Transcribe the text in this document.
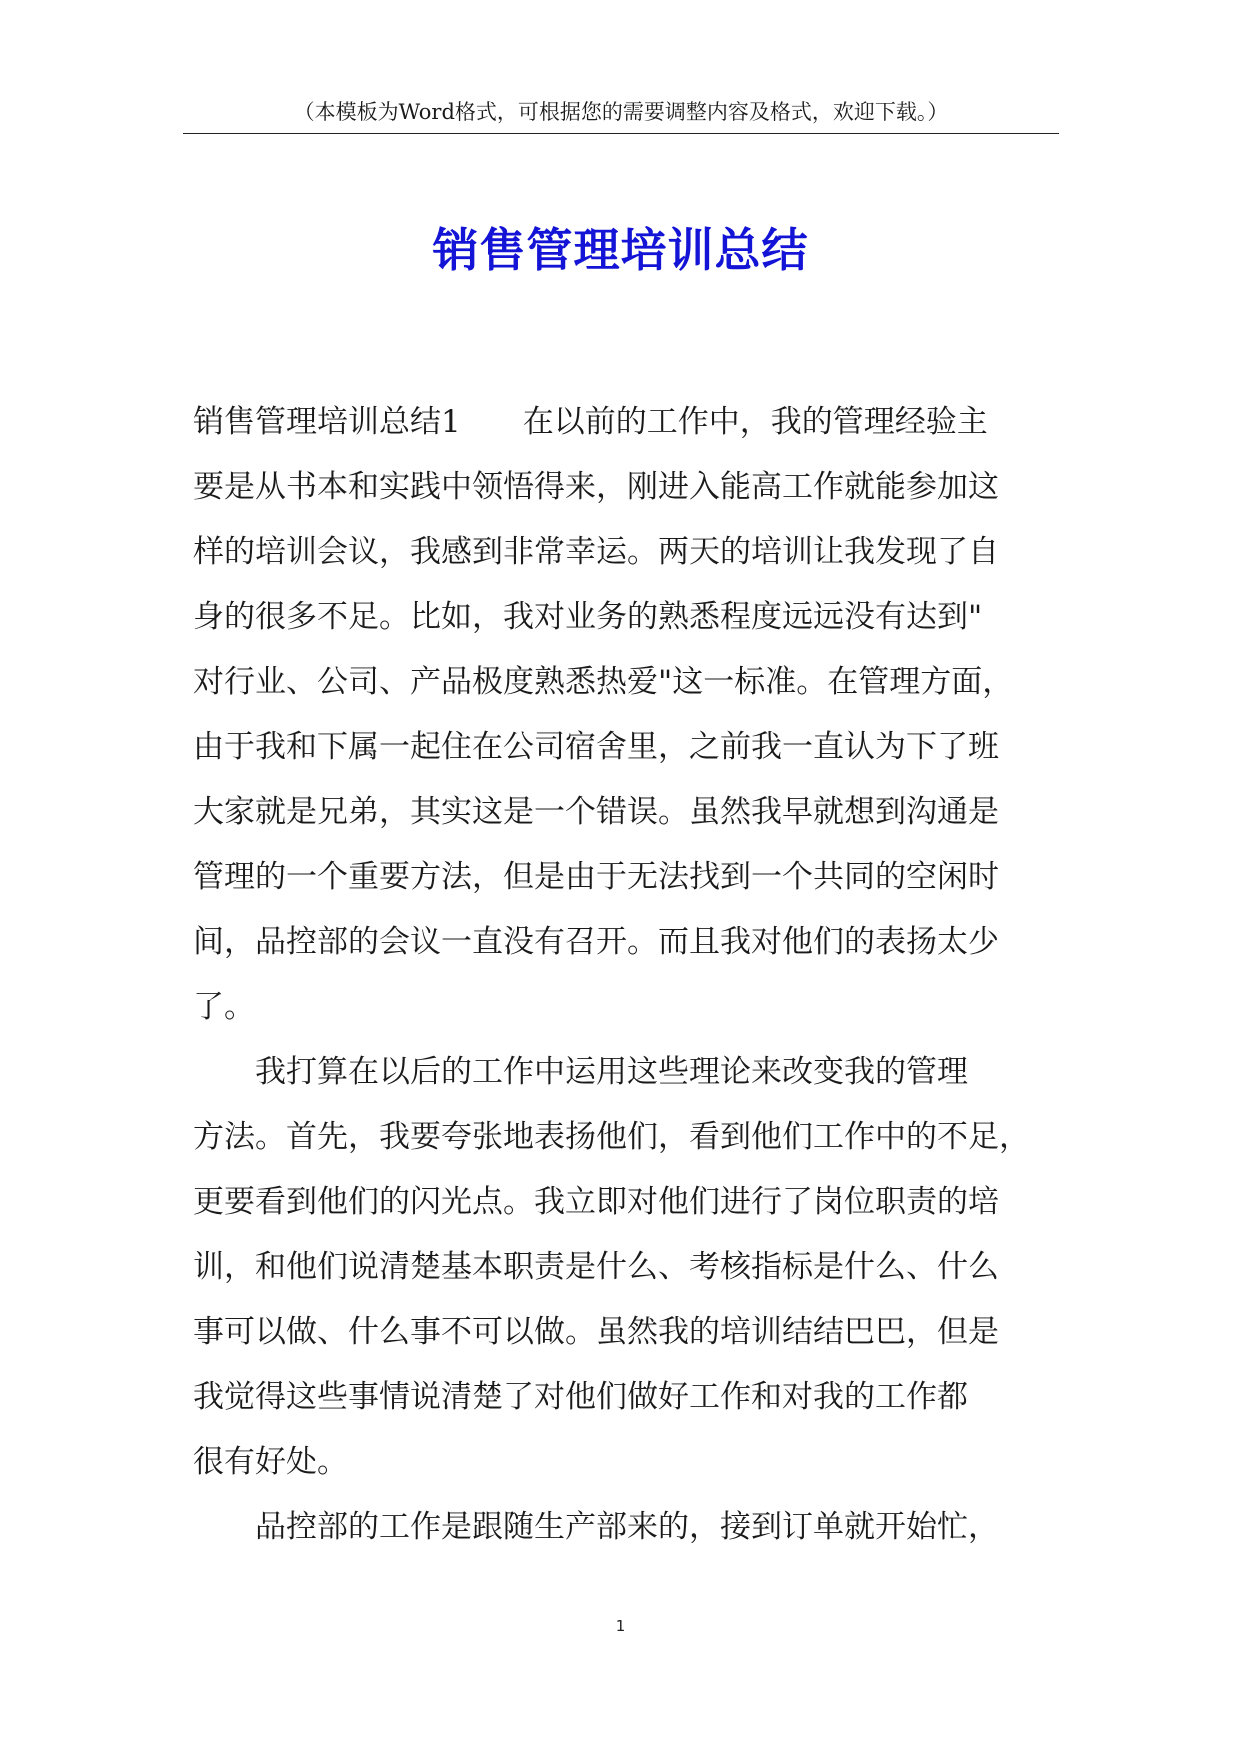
（本模板为Word格式，可根据您的需要调整内容及格式，欢迎下载。）
销售管理培训总结
销售管理培训总结1　　在以前的工作中，我的管理经验主
要是从书本和实践中领悟得来，刚进入能高工作就能参加这
样的培训会议，我感到非常幸运。两天的培训让我发现了自
身的很多不足。比如，我对业务的熟悉程度远远没有达到"
对行业、公司、产品极度熟悉热爱"这一标准。在管理方面，
由于我和下属一起住在公司宿舍里，之前我一直认为下了班
大家就是兄弟，其实这是一个错误。虽然我早就想到沟通是
管理的一个重要方法，但是由于无法找到一个共同的空闲时
间，品控部的会议一直没有召开。而且我对他们的表扬太少
了。
　　我打算在以后的工作中运用这些理论来改变我的管理
方法。首先，我要夸张地表扬他们，看到他们工作中的不足，
更要看到他们的闪光点。我立即对他们进行了岗位职责的培
训，和他们说清楚基本职责是什么、考核指标是什么、什么
事可以做、什么事不可以做。虽然我的培训结结巴巴，但是
我觉得这些事情说清楚了对他们做好工作和对我的工作都
很有好处。
　　品控部的工作是跟随生产部来的，接到订单就开始忙，
1
